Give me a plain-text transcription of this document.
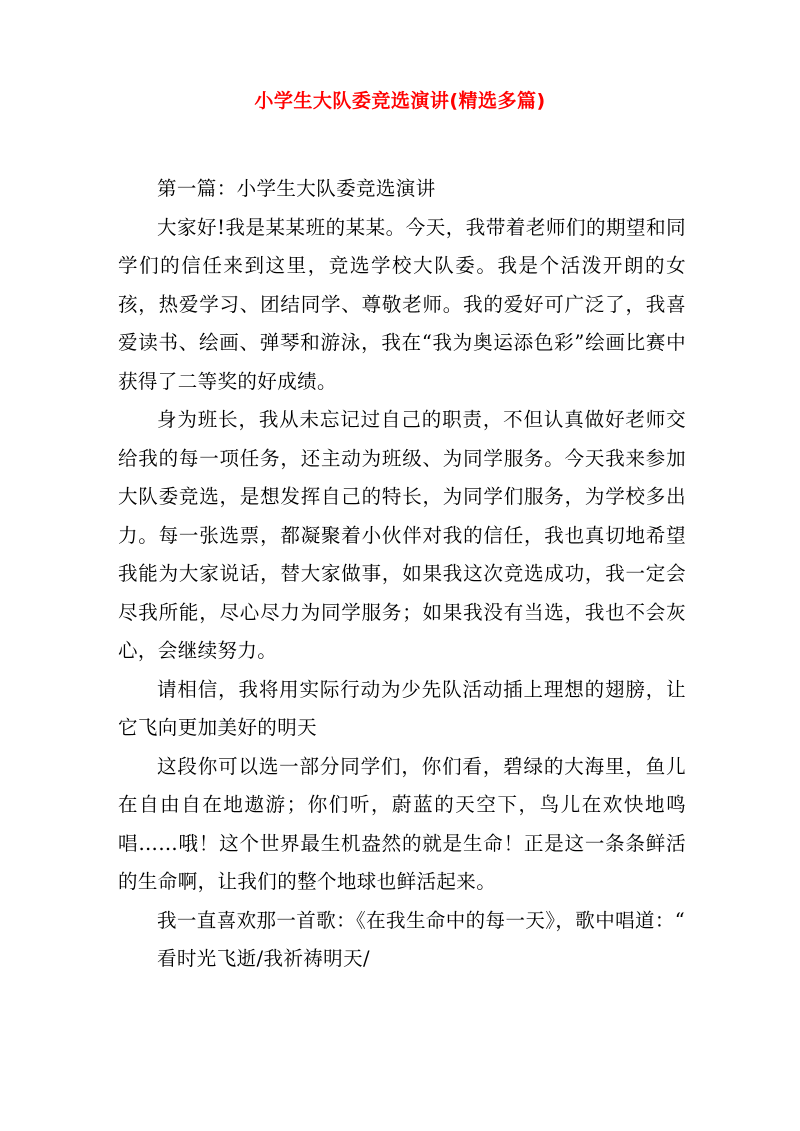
小学生大队委竞选演讲(精选多篇)

第一篇：小学生大队委竞选演讲

大家好!我是某某班的某某。今天，我带着老师们的期望和同学们的信任来到这里，竞选学校大队委。我是个活泼开朗的女孩，热爱学习、团结同学、尊敬老师。我的爱好可广泛了，我喜爱读书、绘画、弹琴和游泳，我在“我为奥运添色彩”绘画比赛中获得了二等奖的好成绩。

身为班长，我从未忘记过自己的职责，不但认真做好老师交给我的每一项任务，还主动为班级、为同学服务。今天我来参加大队委竞选，是想发挥自己的特长，为同学们服务，为学校多出力。每一张选票，都凝聚着小伙伴对我的信任，我也真切地希望我能为大家说话，替大家做事，如果我这次竞选成功，我一定会尽我所能，尽心尽力为同学服务；如果我没有当选，我也不会灰心，会继续努力。

请相信，我将用实际行动为少先队活动插上理想的翅膀，让它飞向更加美好的明天

这段你可以选一部分同学们，你们看，碧绿的大海里，鱼儿在自由自在地遨游；你们听，蔚蓝的天空下，鸟儿在欢快地鸣唱……哦！这个世界最生机盎然的就是生命！正是这一条条鲜活的生命啊，让我们的整个地球也鲜活起来。

我一直喜欢那一首歌：《在我生命中的每一天》，歌中唱道：“

看时光飞逝/我祈祷明天/
